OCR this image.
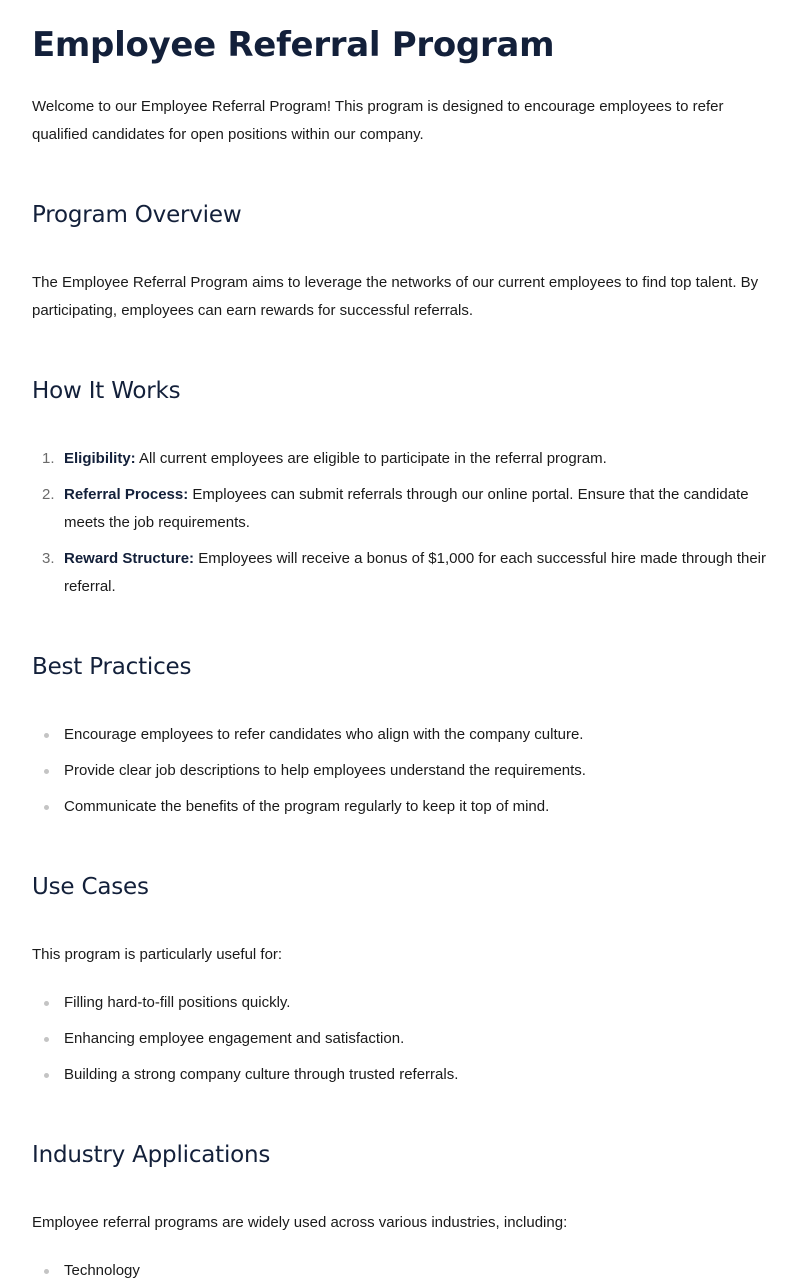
Employee Referral Program

Welcome to our Employee Referral Program! This program is designed to encourage employees to refer qualified candidates for open positions within our company.

Program Overview

The Employee Referral Program aims to leverage the networks of our current employees to find top talent. By participating, employees can earn rewards for successful referrals.

How It Works
1. Eligibility: All current employees are eligible to participate in the referral program.
2. Referral Process: Employees can submit referrals through our online portal. Ensure that the candidate meets the job requirements.
3. Reward Structure: Employees will receive a bonus of $1,000 for each successful hire made through their referral.
Best Practices
Encourage employees to refer candidates who align with the company culture.
Provide clear job descriptions to help employees understand the requirements.
Communicate the benefits of the program regularly to keep it top of mind.
Use Cases

This program is particularly useful for:

Filling hard-to-fill positions quickly.
Enhancing employee engagement and satisfaction.
Building a strong company culture through trusted referrals.
Industry Applications

Employee referral programs are widely used across various industries, including:

Technology
